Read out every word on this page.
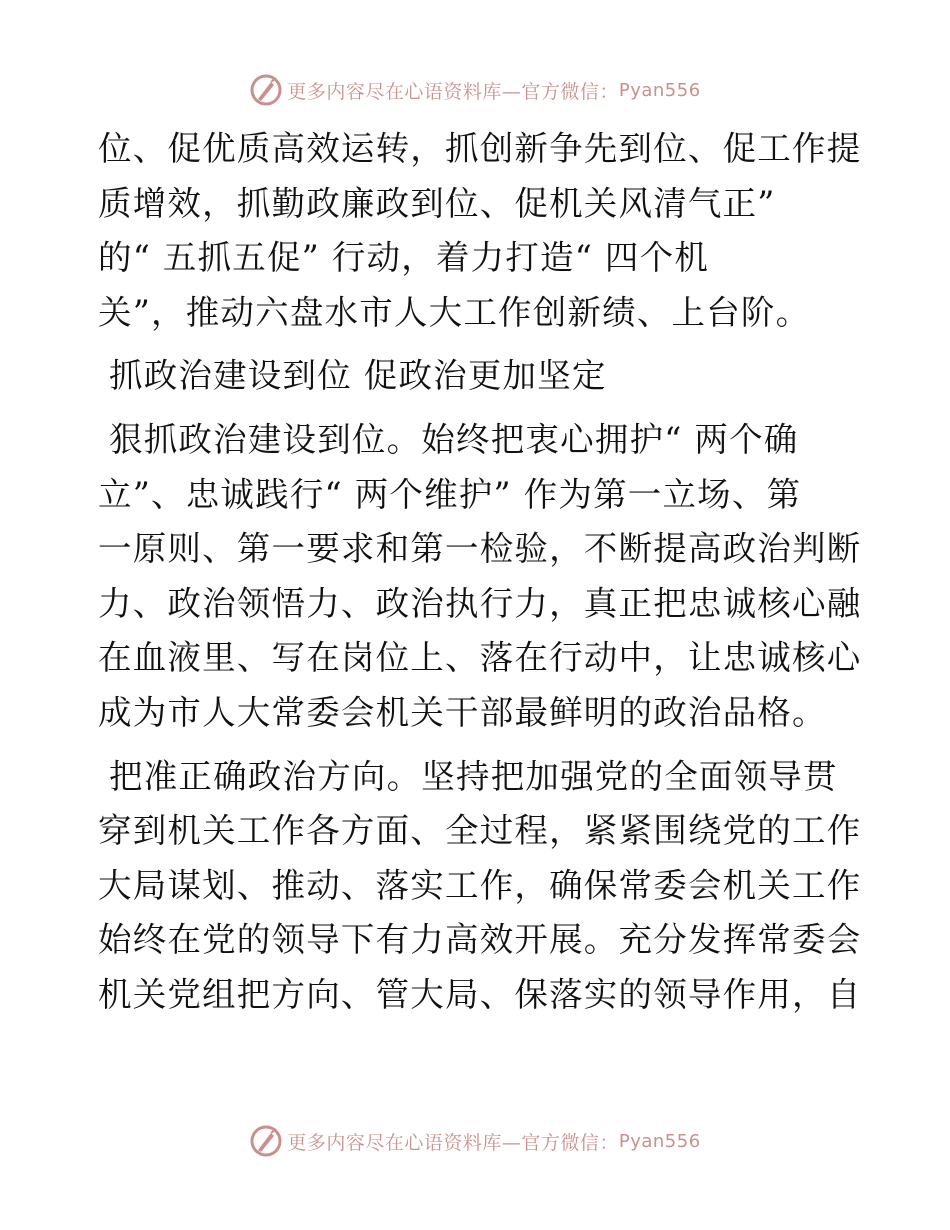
更多内容尽在心语资料库—官方微信： Pyan556
位、促优质高效运转，抓创新争先到位、促工作提
质增效，抓勤政廉政到位、促机关风清气正”
的“ 五抓五促” 行动，着力打造“ 四个机
关”，推动六盘水市人大工作创新绩、上台阶。
抓政治建设到位 促政治更加坚定
狠抓政治建设到位。始终把衷心拥护“ 两个确
立”、忠诚践行“ 两个维护” 作为第一立场、第
一原则、第一要求和第一检验，不断提高政治判断
力、政治领悟力、政治执行力，真正把忠诚核心融
在血液里、写在岗位上、落在行动中，让忠诚核心
成为市人大常委会机关干部最鲜明的政治品格。
把准正确政治方向。坚持把加强党的全面领导贯
穿到机关工作各方面、全过程，紧紧围绕党的工作
大局谋划、推动、落实工作，确保常委会机关工作
始终在党的领导下有力高效开展。充分发挥常委会
机关党组把方向、管大局、保落实的领导作用，自
更多内容尽在心语资料库—官方微信： Pyan556
